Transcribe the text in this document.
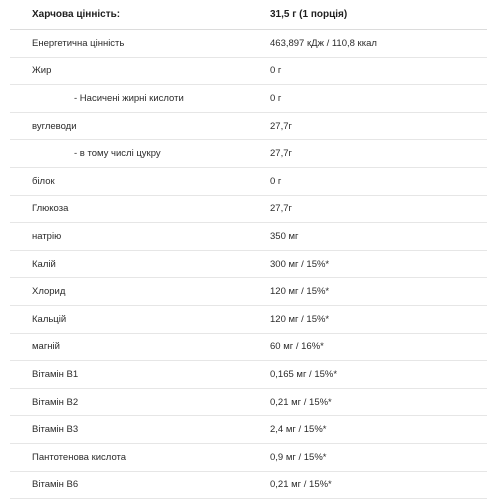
Харчова цінність:	31,5 г (1 порція)
Енергетична цінність	463,897 кДж / 110,8 ккал
Жир	0 г
- Насичені жирні кислоти	0 г
вуглеводи	27,7г
- в тому числі цукру	27,7г
білок	0 г
Глюкоза	27,7г
натрію	350 мг
Калій	300 мг / 15%*
Хлорид	120 мг / 15%*
Кальцій	120 мг / 15%*
магній	60 мг / 16%*
Вітамін В1	0,165 мг / 15%*
Вітамін В2	0,21 мг / 15%*
Вітамін В3	2,4 мг / 15%*
Пантотенова кислота	0,9 мг / 15%*
Вітамін В6	0,21 мг / 15%*
